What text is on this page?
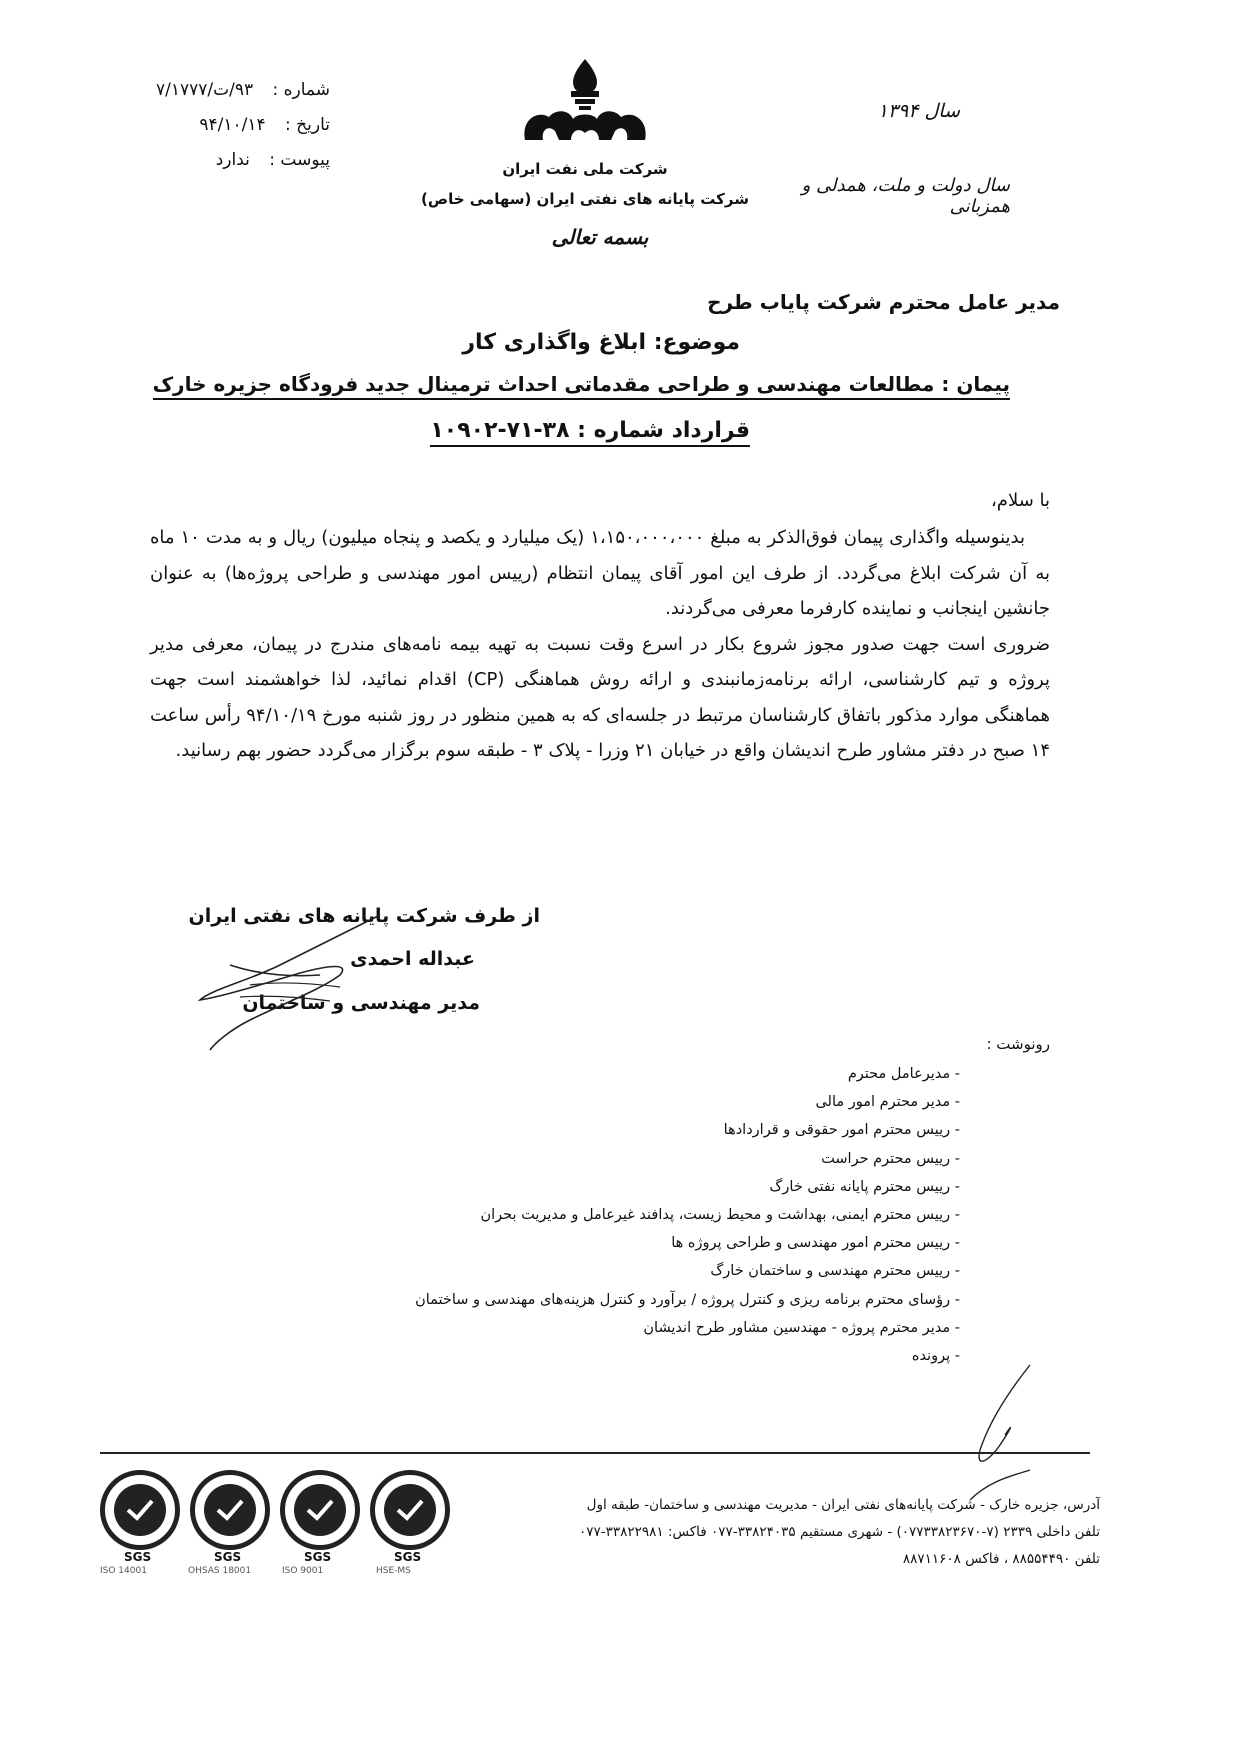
شماره : ۹۳/ت/۷/۱۷۷۷
تاریخ : ۹۴/۱۰/۱۴
پیوست : ندارد	شرکت ملی نفت ایران
شرکت پایانه های نفتی ایران (سهامی خاص)
بسمه تعالی
سال ۱۳۹۴
سال دولت و ملت، همدلی و همزبانی
مدیر عامل محترم شرکت پایاب طرح
موضوع: ابلاغ واگذاری کار
پیمان : مطالعات مهندسی و طراحی مقدماتی احداث ترمینال جدید فرودگاه جزیره خارک
قرارداد شماره : ۳۸-۷۱-۱۰۹۰۲
با سلام،

بدینوسیله واگذاری پیمان فوق‌الذکر به مبلغ ۱،۱۵۰،۰۰۰،۰۰۰ (یک میلیارد و یکصد و پنجاه میلیون) ریال و به مدت ۱۰ ماه به آن شرکت ابلاغ می‌گردد. از طرف این امور آقای پیمان انتظام (رییس امور مهندسی و طراحی پروژه‌ها) به عنوان جانشین اینجانب و نماینده کارفرما معرفی می‌گردند.

ضروری است جهت صدور مجوز شروع بکار در اسرع وقت نسبت به تهیه بیمه نامه‌های مندرج در پیمان، معرفی مدیر پروژه و تیم کارشناسی، ارائه برنامه‌زمانبندی و ارائه روش هماهنگی (CP) اقدام نمائید، لذا خواهشمند است جهت هماهنگی موارد مذکور باتفاق کارشناسان مرتبط در جلسه‌ای که به همین منظور در روز شنبه مورخ ۹۴/۱۰/۱۹ رأس ساعت ۱۴ صبح در دفتر مشاور طرح اندیشان واقع در خیابان ۲۱ وزرا - پلاک ۳ - طبقه سوم برگزار می‌گردد حضور بهم رسانید.

از طرف شرکت پایانه های نفتی ایران
عبداله احمدی
مدیر مهندسی و ساختمان
رونوشت :
- مدیرعامل محترم
- مدیر محترم امور مالی
- رییس محترم امور حقوقی و قراردادها
- رییس محترم حراست
- رییس محترم پایانه نفتی خارگ
- رییس محترم ایمنی، بهداشت و محیط زیست، پدافند غیرعامل و مدیریت بحران
- رییس محترم امور مهندسی و طراحی پروژه ها
- رییس محترم مهندسی و ساختمان خارگ
- رؤسای محترم برنامه ریزی و کنترل پروژه / برآورد و کنترل هزینه‌های مهندسی و ساختمان
- مدیر محترم پروژه - مهندسین مشاور طرح اندیشان
- پرونده
SGS
ISO 14001
SGS
OHSAS 18001
SGS
ISO 9001
SGS
HSE-MS
آدرس، جزیره خارک - شرکت پایانه‌های نفتی ایران - مدیریت مهندسی و ساختمان- طبقه اول
تلفن داخلی ۲۳۳۹ (۷-۰۷۷۳۳۸۲۳۶۷۰) - شهری مستقیم ۳۳۸۲۴۰۳۵-۰۷۷ فاکس: ۳۳۸۲۲۹۸۱-۰۷۷
تلفن ۸۸۵۵۴۴۹۰ ، فاکس ۸۸۷۱۱۶۰۸
